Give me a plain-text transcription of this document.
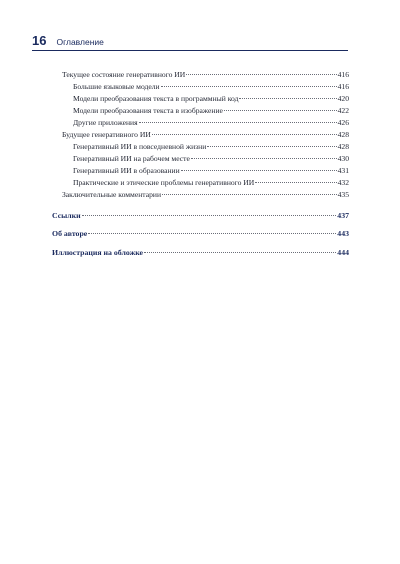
16 Оглавление
Текущее состояние генеративного ИИ	416
Большие языковые модели	416
Модели преобразования текста в программный код	420
Модели преобразования текста в изображение	422
Другие приложения	426
Будущее генеративного ИИ	428
Генеративный ИИ в повседневной жизни	428
Генеративный ИИ на рабочем месте	430
Генеративный ИИ в образовании	431
Практические и этические проблемы генеративного ИИ	432
Заключительные комментарии	435
Ссылки	437
Об авторе	443
Иллюстрация на обложке	444
